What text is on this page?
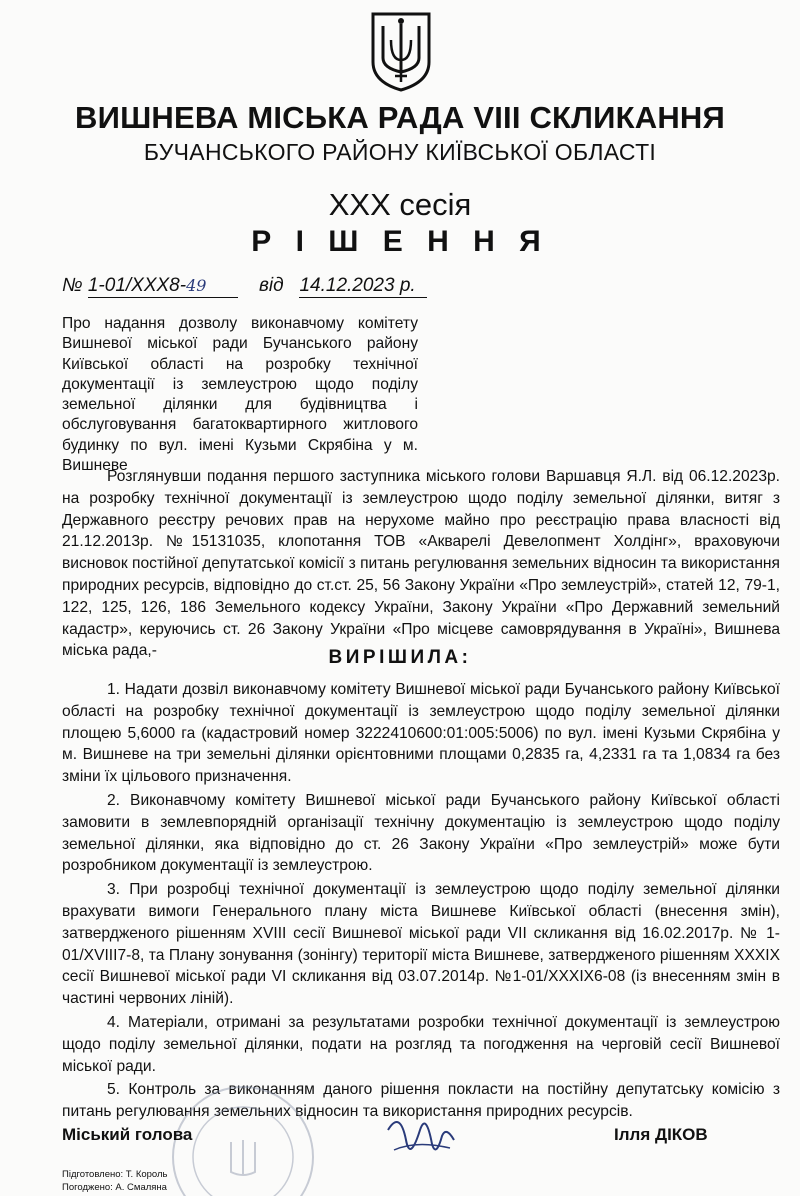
ВИШНЕВА МІСЬКА РАДА VIII СКЛИКАННЯ
БУЧАНСЬКОГО РАЙОНУ КИЇВСЬКОЇ ОБЛАСТІ
XXX сесія
Р І Ш Е Н Н Я
№ 1-01/XXX8-49	від 14.12.2023 р.
Про надання дозволу виконавчому комітету Вишневої міської ради Бучанського району Київської області на розробку технічної документації із землеустрою щодо поділу земельної ділянки для будівництва і обслуговування багатоквартирного житлового будинку по вул. імені Кузьми Скрябіна у м. Вишневе

Розглянувши подання першого заступника міського голови Варшавця Я.Л. від 06.12.2023р. на розробку технічної документації із землеустрою щодо поділу земельної ділянки, витяг з Державного реєстру речових прав на нерухоме майно про реєстрацію права власності від 21.12.2013р. №15131035, клопотання ТОВ «Акварелі Девелопмент Холдінг», враховуючи висновок постійної депутатської комісії з питань регулювання земельних відносин та використання природних ресурсів, відповідно до ст.ст. 25, 56 Закону України «Про землеустрій», статей 12, 79-1, 122, 125, 126, 186 Земельного кодексу України, Закону України «Про Державний земельний кадастр», керуючись ст. 26 Закону України «Про місцеве самоврядування в Україні», Вишнева міська рада,-	ВИРІШИЛА:

1. Надати дозвіл виконавчому комітету Вишневої міської ради Бучанського району Київської області на розробку технічної документації із землеустрою щодо поділу земельної ділянки площею 5,6000 га (кадастровий номер 3222410600:01:005:5006) по вул. імені Кузьми Скрябіна у м. Вишневе на три земельні ділянки орієнтовними площами 0,2835 га, 4,2331 га та 1,0834 га без зміни їх цільового призначення.

2. Виконавчому комітету Вишневої міської ради Бучанського району Київської області замовити в землевпорядній організації технічну документацію із землеустрою щодо поділу земельної ділянки, яка відповідно до ст. 26 Закону України «Про землеустрій» може бути розробником документації із землеустрою.

3. При розробці технічної документації із землеустрою щодо поділу земельної ділянки врахувати вимоги Генерального плану міста Вишневе Київської області (внесення змін), затвердженого рішенням XVIII сесії Вишневої міської ради VII скликання від 16.02.2017р. № 1-01/XVIII7-8, та Плану зонування (зонінгу) території міста Вишневе, затвердженого рішенням XXXIX сесії Вишневої міської ради VI скликання від 03.07.2014р. №1-01/XXXIX6-08 (із внесенням змін в частині червоних ліній).

4. Матеріали, отримані за результатами розробки технічної документації із землеустрою щодо поділу земельної ділянки, подати на розгляд та погодження на черговій сесії Вишневої міської ради.

5. Контроль за виконанням даного рішення покласти на постійну депутатську комісію з питань регулювання земельних відносин та використання природних ресурсів.

Міський голова	Ілля ДІКОВ
Підготовлено: Т. Король
Погоджено: А. Смаляна
